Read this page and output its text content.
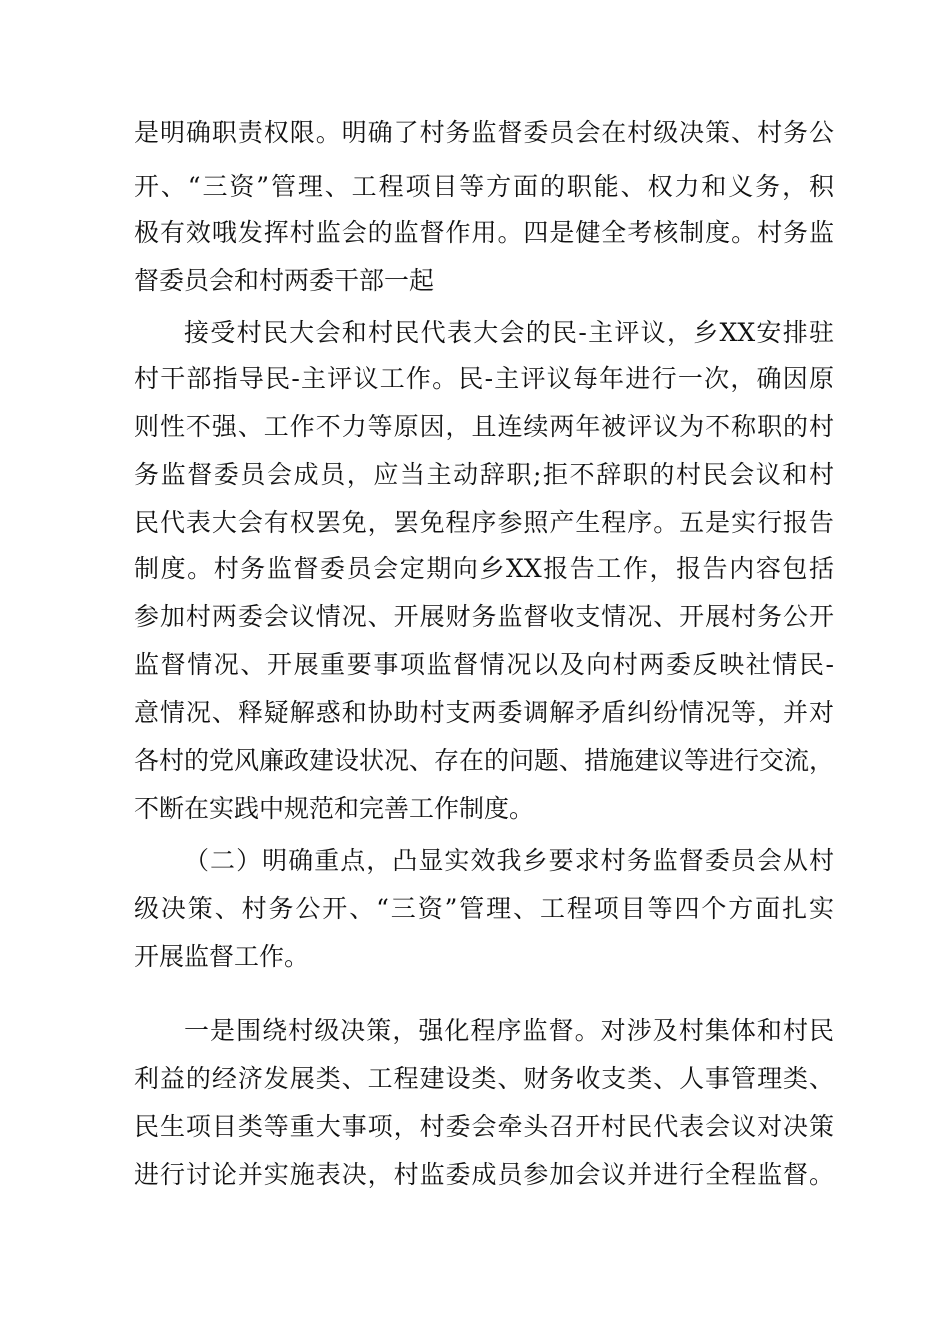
是明确职责权限。明确了村务监督委员会在村级决策、村务公
开、“三资”管理、工程项目等方面的职能、权力和义务，积
极有效哦发挥村监会的监督作用。四是健全考核制度。村务监
督委员会和村两委干部一起
接受村民大会和村民代表大会的民-主评议，乡XX安排驻
村干部指导民-主评议工作。民-主评议每年进行一次，确因原
则性不强、工作不力等原因，且连续两年被评议为不称职的村
务监督委员会成员，应当主动辞职;拒不辞职的村民会议和村
民代表大会有权罢免，罢免程序参照产生程序。五是实行报告
制度。村务监督委员会定期向乡XX报告工作，报告内容包括
参加村两委会议情况、开展财务监督收支情况、开展村务公开
监督情况、开展重要事项监督情况以及向村两委反映社情民-
意情况、释疑解惑和协助村支两委调解矛盾纠纷情况等，并对
各村的党风廉政建设状况、存在的问题、措施建议等进行交流，
不断在实践中规范和完善工作制度。
（二）明确重点，凸显实效我乡要求村务监督委员会从村
级决策、村务公开、“三资”管理、工程项目等四个方面扎实
开展监督工作。
一是围绕村级决策，强化程序监督。对涉及村集体和村民
利益的经济发展类、工程建设类、财务收支类、人事管理类、
民生项目类等重大事项，村委会牵头召开村民代表会议对决策
进行讨论并实施表决，村监委成员参加会议并进行全程监督。
